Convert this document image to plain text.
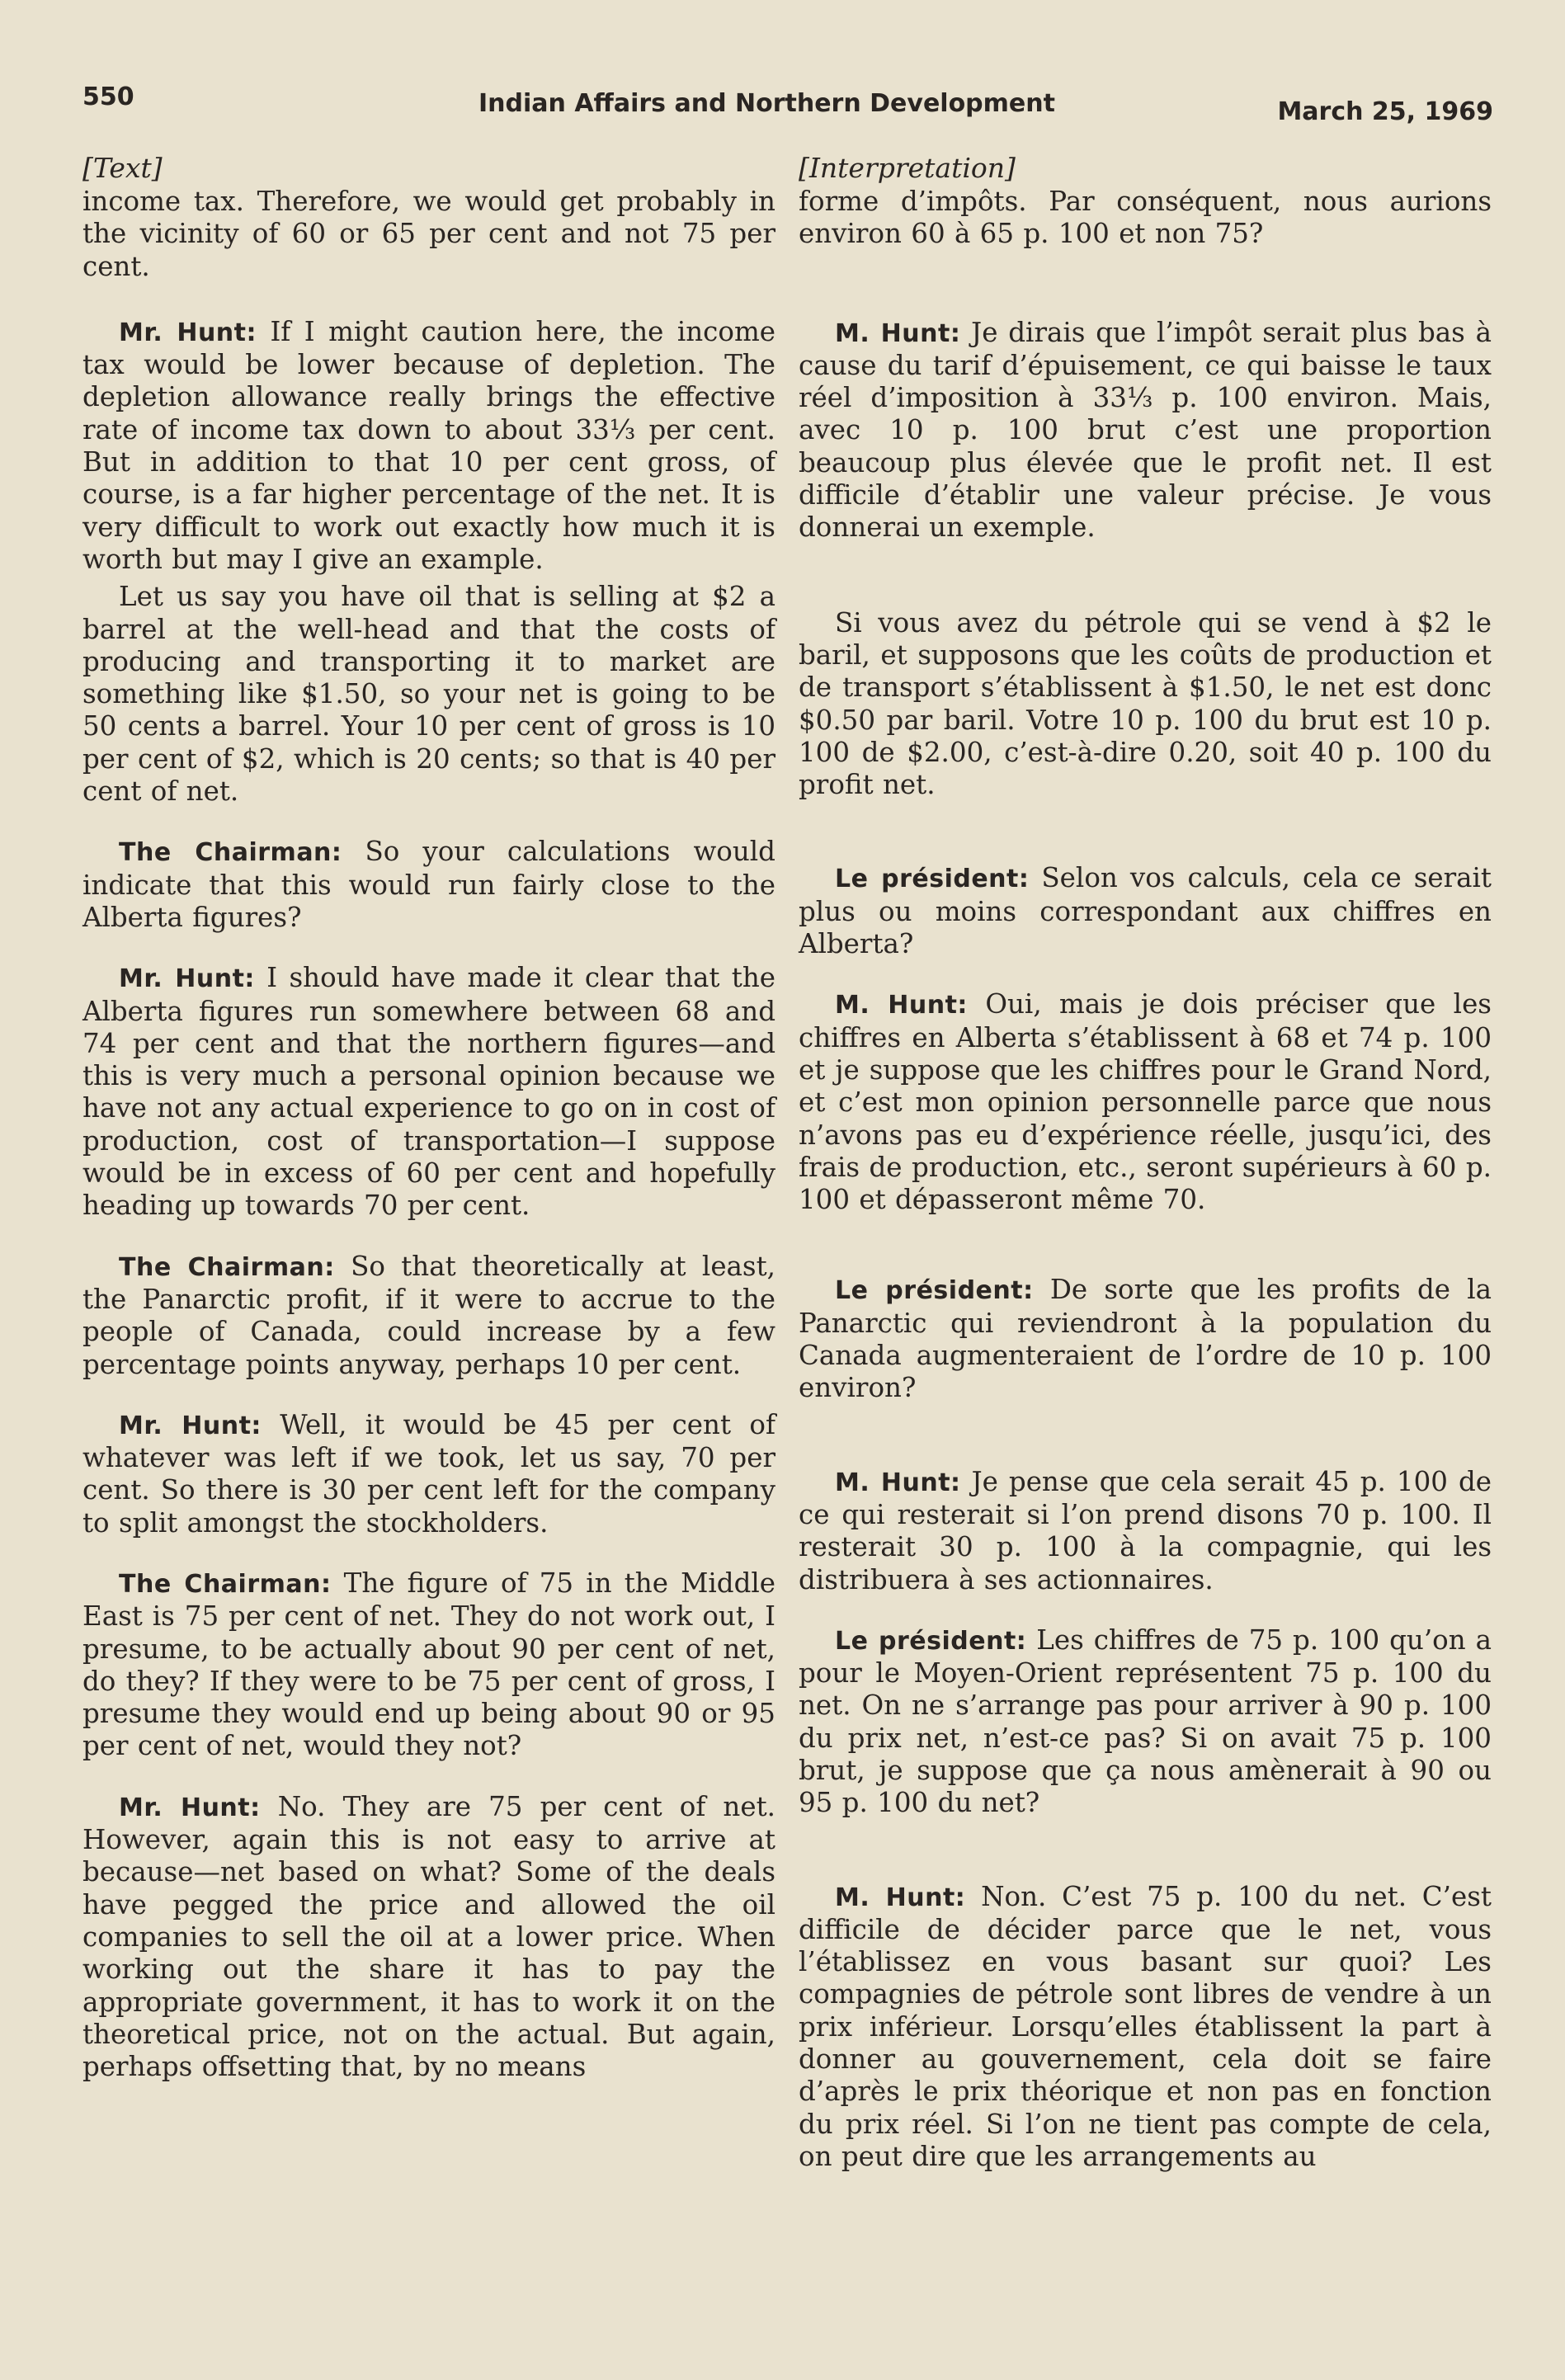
550	Indian Affairs and Northern Development	March 25, 1969

[Text]

income tax. Therefore, we would get probably in the vicinity of 60 or 65 per cent and not 75 per cent.

Mr. Hunt: If I might caution here, the income tax would be lower because of depletion. The depletion allowance really brings the effective rate of income tax down to about 33⅓ per cent. But in addition to that 10 per cent gross, of course, is a far higher percentage of the net. It is very difficult to work out exactly how much it is worth but may I give an example.

Let us say you have oil that is selling at $2 a barrel at the well-head and that the costs of producing and transporting it to market are something like $1.50, so your net is going to be 50 cents a barrel. Your 10 per cent of gross is 10 per cent of $2, which is 20 cents; so that is 40 per cent of net.

The Chairman: So your calculations would indicate that this would run fairly close to the Alberta figures?

Mr. Hunt: I should have made it clear that the Alberta figures run somewhere between 68 and 74 per cent and that the northern figures—and this is very much a personal opinion because we have not any actual experience to go on in cost of production, cost of transportation—I suppose would be in excess of 60 per cent and hopefully heading up towards 70 per cent.

The Chairman: So that theoretically at least, the Panarctic profit, if it were to accrue to the people of Canada, could increase by a few percentage points anyway, perhaps 10 per cent.

Mr. Hunt: Well, it would be 45 per cent of whatever was left if we took, let us say, 70 per cent. So there is 30 per cent left for the company to split amongst the stockholders.

The Chairman: The figure of 75 in the Middle East is 75 per cent of net. They do not work out, I presume, to be actually about 90 per cent of net, do they? If they were to be 75 per cent of gross, I presume they would end up being about 90 or 95 per cent of net, would they not?

Mr. Hunt: No. They are 75 per cent of net. However, again this is not easy to arrive at because—net based on what? Some of the deals have pegged the price and allowed the oil companies to sell the oil at a lower price. When working out the share it has to pay the appropriate government, it has to work it on the theoretical price, not on the actual. But again, perhaps offsetting that, by no means

[Interpretation]

forme d’impôts. Par conséquent, nous aurions environ 60 à 65 p. 100 et non 75?

M. Hunt: Je dirais que l’impôt serait plus bas à cause du tarif d’épuisement, ce qui baisse le taux réel d’imposition à 33⅓ p. 100 environ. Mais, avec 10 p. 100 brut c’est une proportion beaucoup plus élevée que le profit net. Il est difficile d’établir une valeur précise. Je vous donnerai un exemple.

Si vous avez du pétrole qui se vend à $2 le baril, et supposons que les coûts de production et de transport s’établissent à $1.50, le net est donc $0.50 par baril. Votre 10 p. 100 du brut est 10 p. 100 de $2.00, c’est-à-dire 0.20, soit 40 p. 100 du profit net.

Le président: Selon vos calculs, cela ce serait plus ou moins correspondant aux chiffres en Alberta?

M. Hunt: Oui, mais je dois préciser que les chiffres en Alberta s’établissent à 68 et 74 p. 100 et je suppose que les chiffres pour le Grand Nord, et c’est mon opinion personnelle parce que nous n’avons pas eu d’expérience réelle, jusqu’ici, des frais de production, etc., seront supérieurs à 60 p. 100 et dépasseront même 70.

Le président: De sorte que les profits de la Panarctic qui reviendront à la population du Canada augmenteraient de l’ordre de 10 p. 100 environ?

M. Hunt: Je pense que cela serait 45 p. 100 de ce qui resterait si l’on prend disons 70 p. 100. Il resterait 30 p. 100 à la compagnie, qui les distribuera à ses actionnaires.

Le président: Les chiffres de 75 p. 100 qu’on a pour le Moyen-Orient représentent 75 p. 100 du net. On ne s’arrange pas pour arriver à 90 p. 100 du prix net, n’est-ce pas? Si on avait 75 p. 100 brut, je suppose que ça nous amènerait à 90 ou 95 p. 100 du net?

M. Hunt: Non. C’est 75 p. 100 du net. C’est difficile de décider parce que le net, vous l’établissez en vous basant sur quoi? Les compagnies de pétrole sont libres de vendre à un prix inférieur. Lorsqu’elles établissent la part à donner au gouvernement, cela doit se faire d’après le prix théorique et non pas en fonction du prix réel. Si l’on ne tient pas compte de cela, on peut dire que les arrangements au
